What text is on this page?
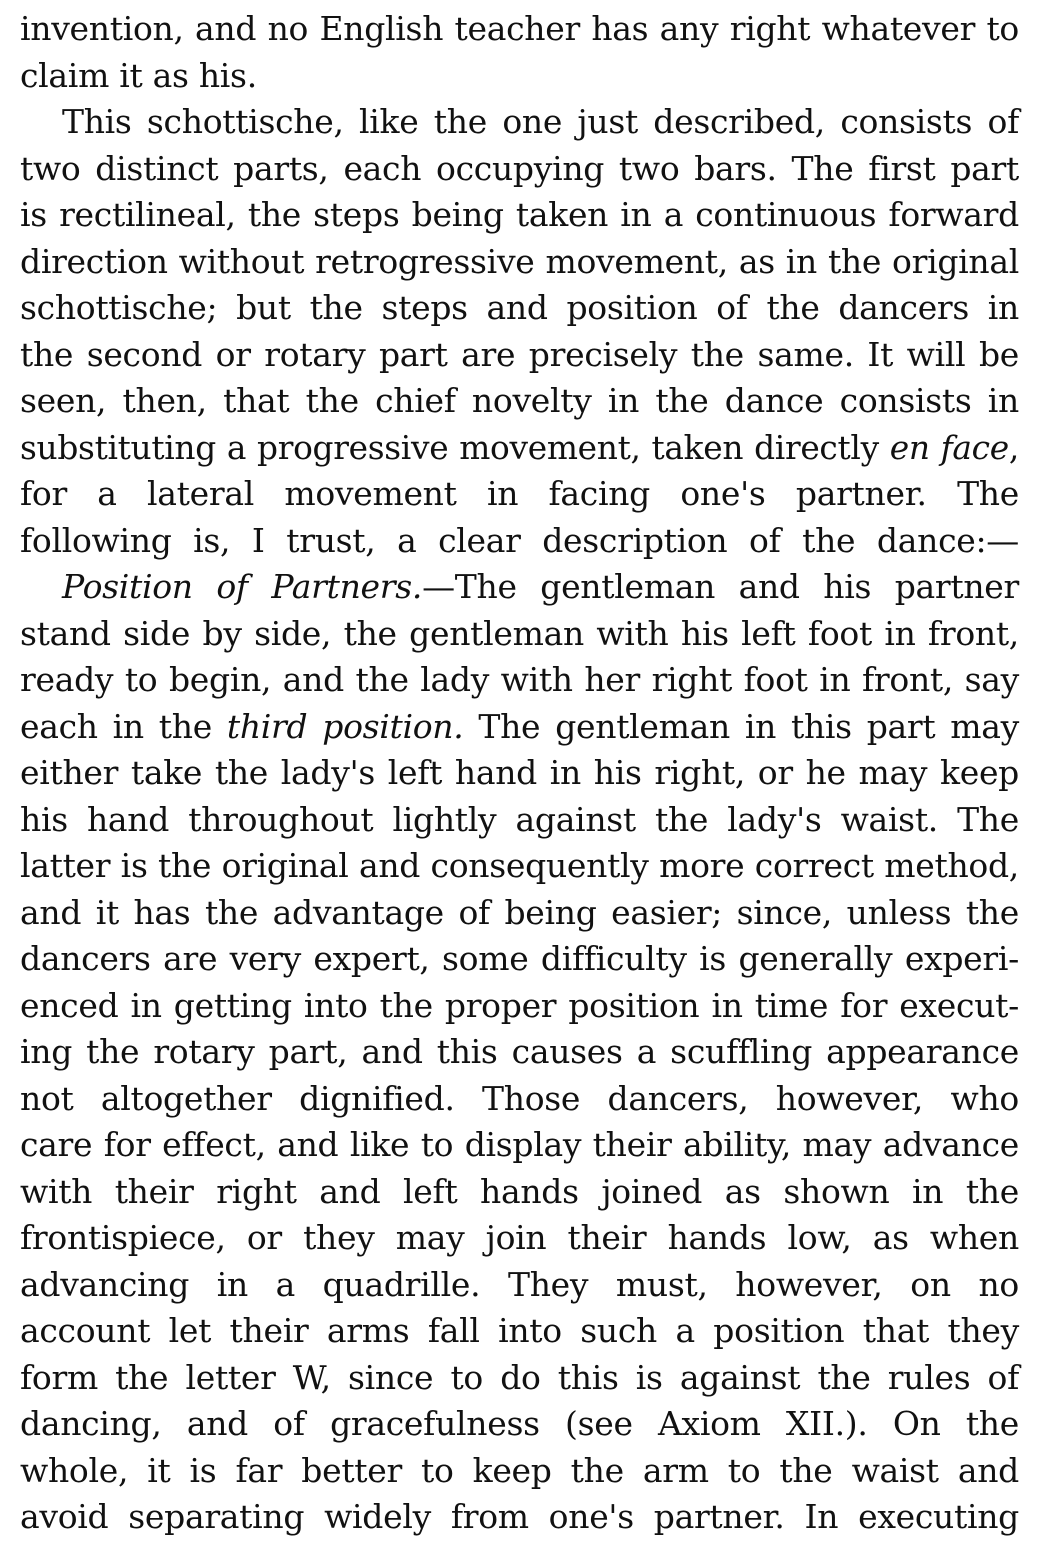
invention, and no English teacher has any right whatever to
claim it as his.
This schottische, like the one just described, consists of
two distinct parts, each occupying two bars. The first part
is rectilineal, the steps being taken in a continuous forward
direction without retrogressive movement, as in the original
schottische; but the steps and position of the dancers in
the second or rotary part are precisely the same. It will be
seen, then, that the chief novelty in the dance consists in
substituting a progressive movement, taken directly en face,
for a lateral movement in facing one's partner. The
following is, I trust, a clear description of the dance:—
Position of Partners.—The gentleman and his partner
stand side by side, the gentleman with his left foot in front,
ready to begin, and the lady with her right foot in front, say
each in the third position. The gentleman in this part may
either take the lady's left hand in his right, or he may keep
his hand throughout lightly against the lady's waist. The
latter is the original and consequently more correct method,
and it has the advantage of being easier; since, unless the
dancers are very expert, some difficulty is generally experi-
enced in getting into the proper position in time for execut-
ing the rotary part, and this causes a scuffling appearance
not altogether dignified. Those dancers, however, who
care for effect, and like to display their ability, may advance
with their right and left hands joined as shown in the
frontispiece, or they may join their hands low, as when
advancing in a quadrille. They must, however, on no
account let their arms fall into such a position that they
form the letter W, since to do this is against the rules of
dancing, and of gracefulness (see Axiom XII.). On the
whole, it is far better to keep the arm to the waist and
avoid separating widely from one's partner. In executing
